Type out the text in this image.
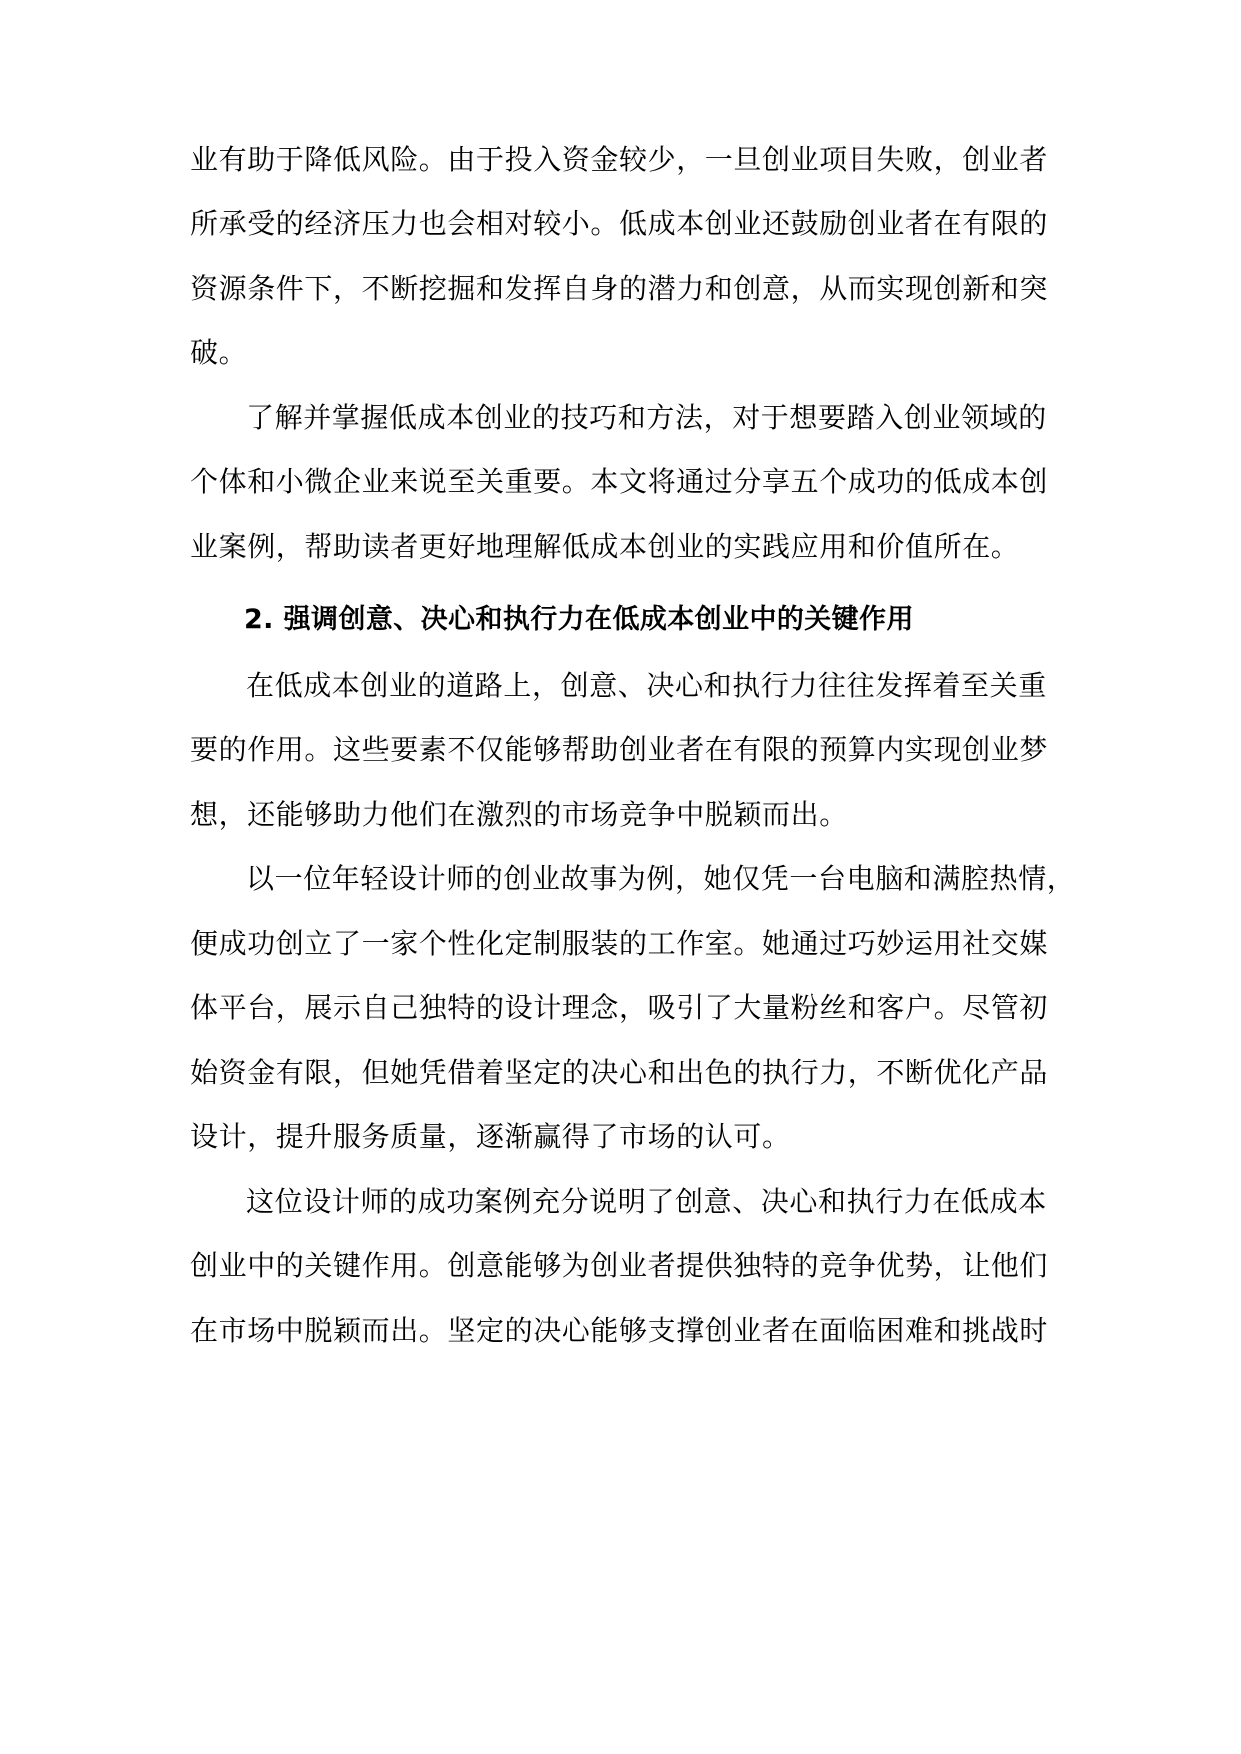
业有助于降低风险。由于投入资金较少，一旦创业项目失败，创业者
所承受的经济压力也会相对较小。低成本创业还鼓励创业者在有限的
资源条件下，不断挖掘和发挥自身的潜力和创意，从而实现创新和突
破。
了解并掌握低成本创业的技巧和方法，对于想要踏入创业领域的
个体和小微企业来说至关重要。本文将通过分享五个成功的低成本创
业案例，帮助读者更好地理解低成本创业的实践应用和价值所在。
2. 强调创意、决心和执行力在低成本创业中的关键作用
在低成本创业的道路上，创意、决心和执行力往往发挥着至关重
要的作用。这些要素不仅能够帮助创业者在有限的预算内实现创业梦
想，还能够助力他们在激烈的市场竞争中脱颖而出。
以一位年轻设计师的创业故事为例，她仅凭一台电脑和满腔热情，
便成功创立了一家个性化定制服装的工作室。她通过巧妙运用社交媒
体平台，展示自己独特的设计理念，吸引了大量粉丝和客户。尽管初
始资金有限，但她凭借着坚定的决心和出色的执行力，不断优化产品
设计，提升服务质量，逐渐赢得了市场的认可。
这位设计师的成功案例充分说明了创意、决心和执行力在低成本
创业中的关键作用。创意能够为创业者提供独特的竞争优势，让他们
在市场中脱颖而出。坚定的决心能够支撑创业者在面临困难和挑战时
